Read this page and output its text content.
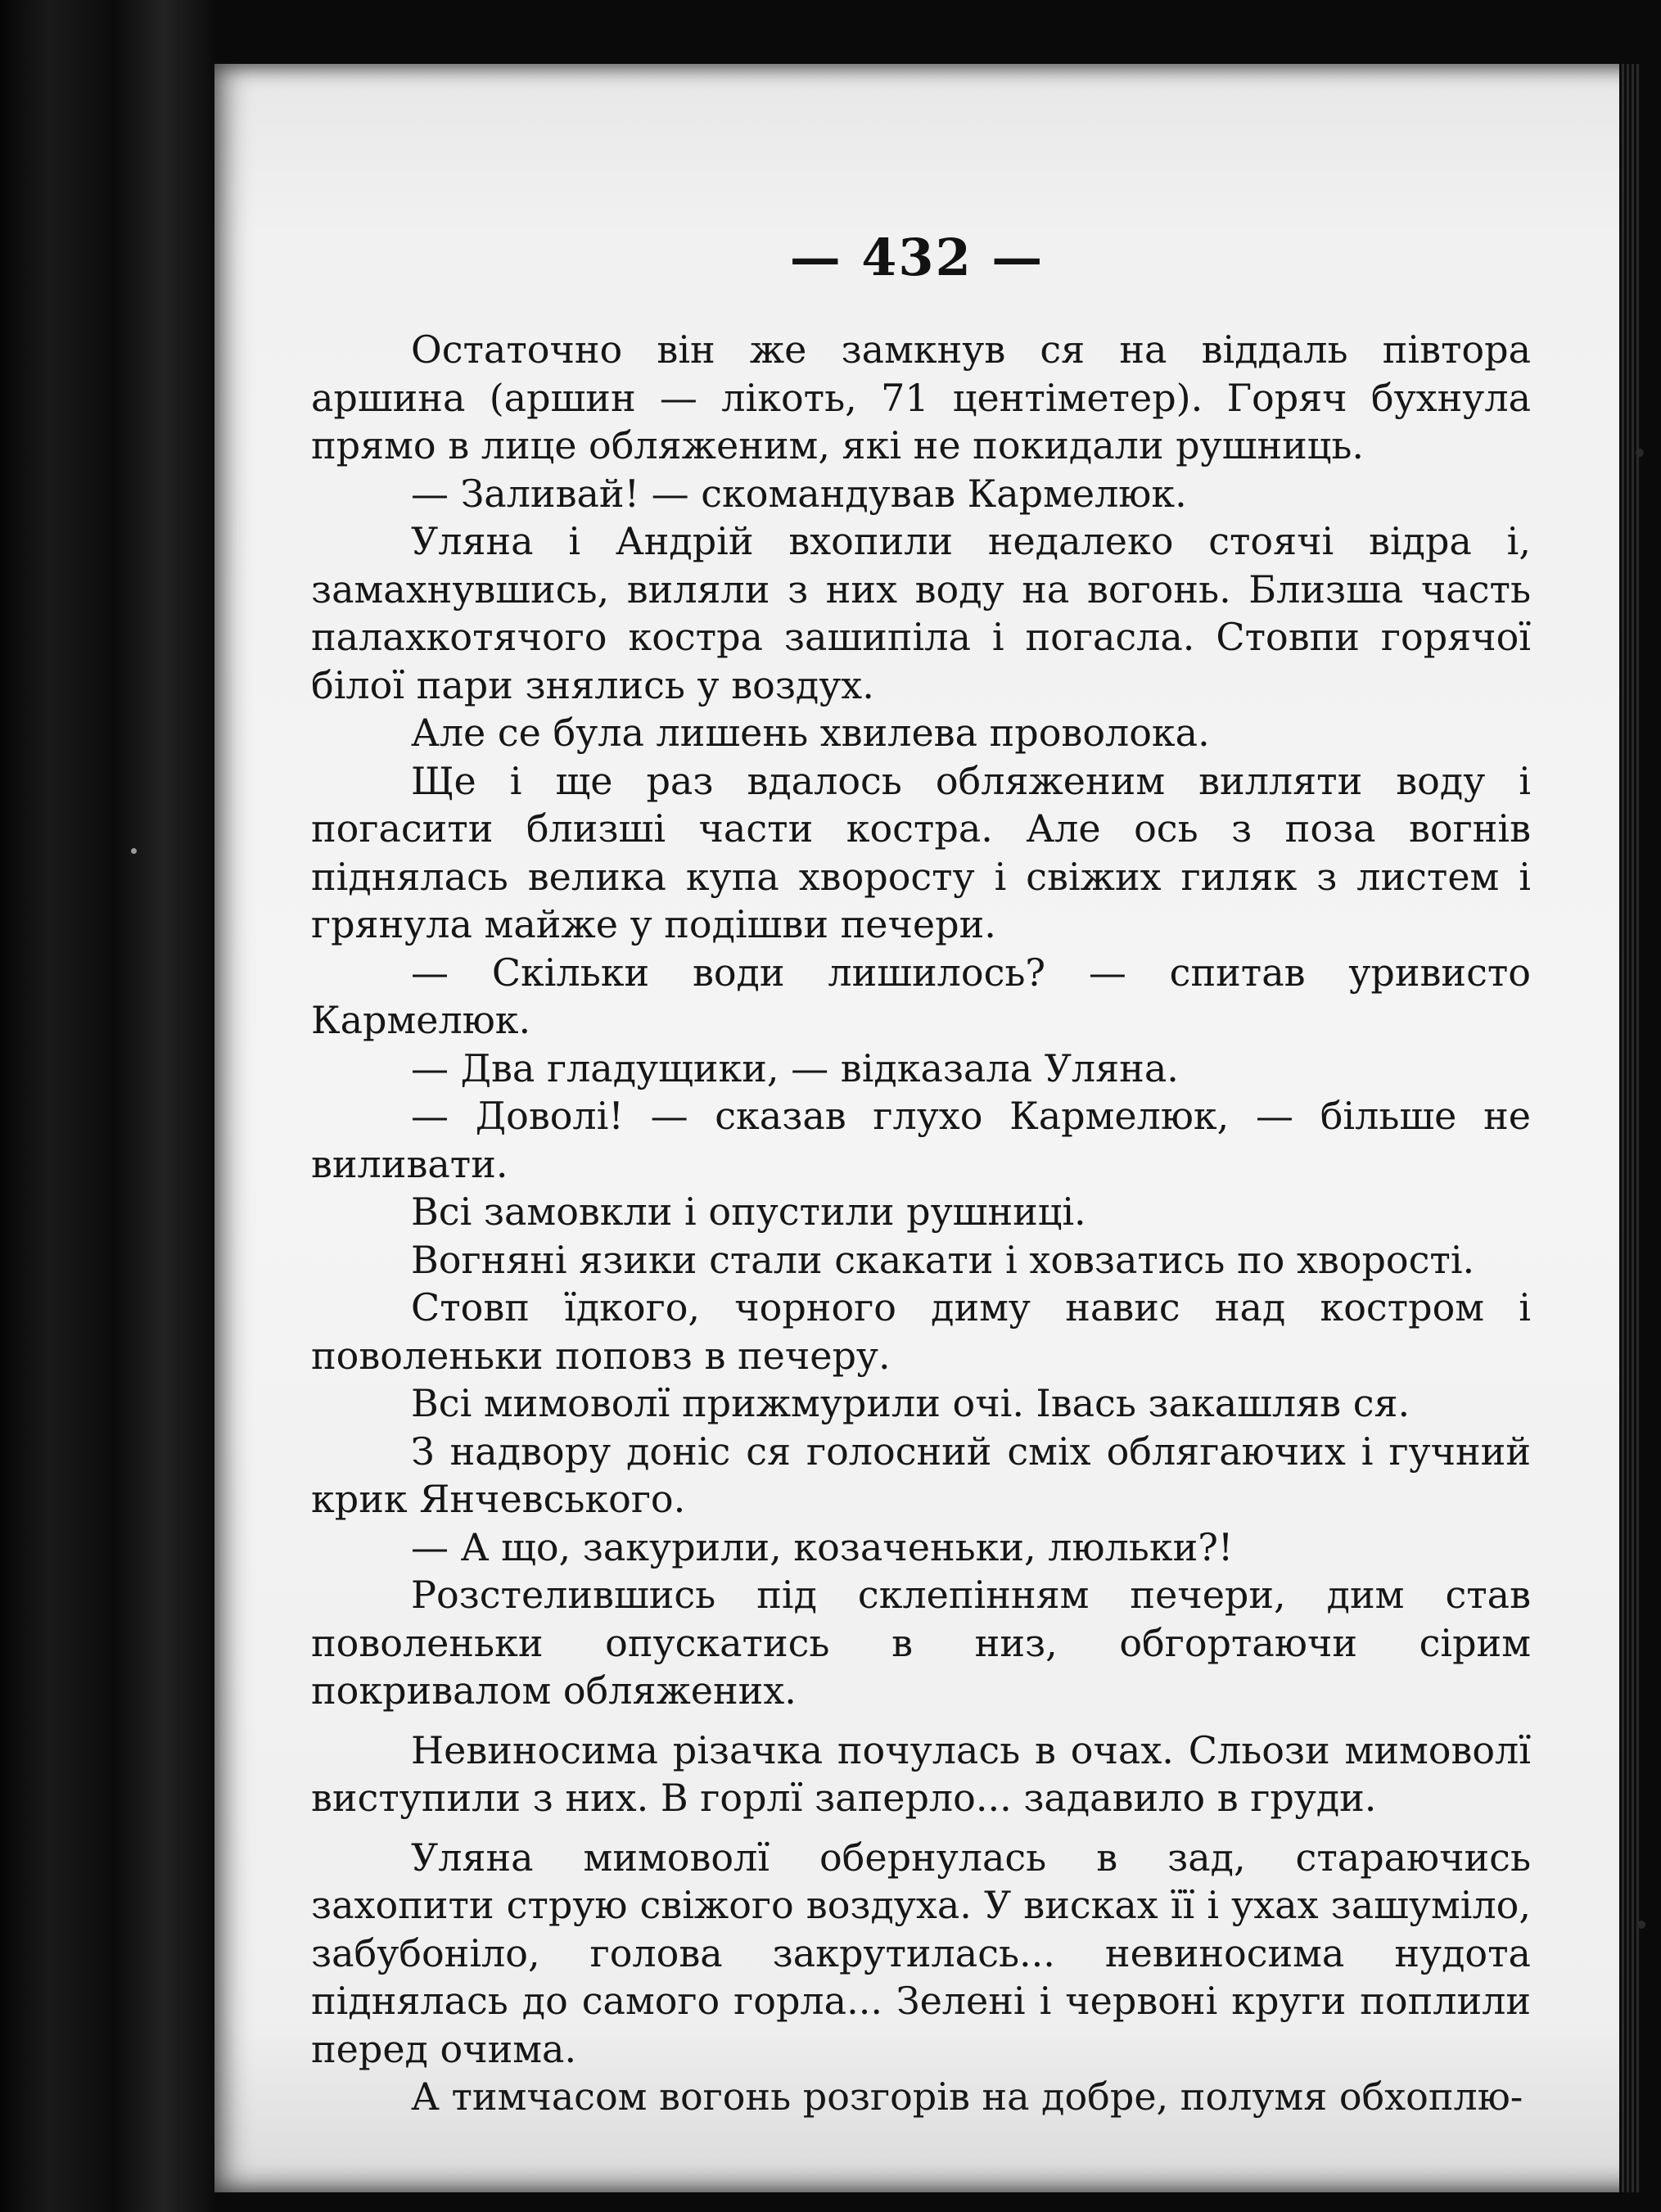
— 432 —

Остаточно він же замкнув ся на віддаль півтора аршина (аршин — лікоть, 71 центіметер). Горяч бухнула прямо в лице обляженим, які не покидали рушниць.

— Заливай! — скомандував Кармелюк.

Уляна і Андрій вхопили недалеко стоячі відра і, замахнувшись, виляли з них воду на вогонь. Близша часть палахкотячого костра зашипіла і погасла. Стовпи горячої білої пари знялись у воздух.

Але се була лишень хвилева проволока.

Ще і ще раз вдалось обляженим вилляти воду і погасити близші части костра. Але ось з поза вогнів піднялась велика купа хворосту і свіжих гиляк з листем і грянула майже у подішви печери.

— Скільки води лишилось? — спитав уривисто Кармелюк.

— Два гладущики, — відказала Уляна.

— Доволі! — сказав глухо Кармелюк, — більше не виливати.

Всі замовкли і опустили рушниці.

Вогняні язики стали скакати і ховзатись по хворості.

Стовп їдкого, чорного диму навис над костром і поволеньки поповз в печеру.

Всі мимоволї прижмурили очі. Івась закашляв ся.

З надвору доніс ся голосний сміх облягаючих і гучний крик Янчевського.

— А що, закурили, козаченьки, люльки?!

Розстелившись під склепінням печери, дим став поволеньки опускатись в низ, обгортаючи сірим покривалом обляжених.

Невиносима різачка почулась в очах. Сльози мимоволї виступили з них. В горлї заперло... задавило в груди.

Уляна мимоволї обернулась в зад, стараючись захопити струю свіжого воздуха. У висках її і ухах зашуміло, забубоніло, голова закрутилась... невиносима нудота піднялась до самого горла... Зелені і червоні круги поплили перед очима.

А тимчасом вогонь розгорів на добре, полумя обхоплю-
